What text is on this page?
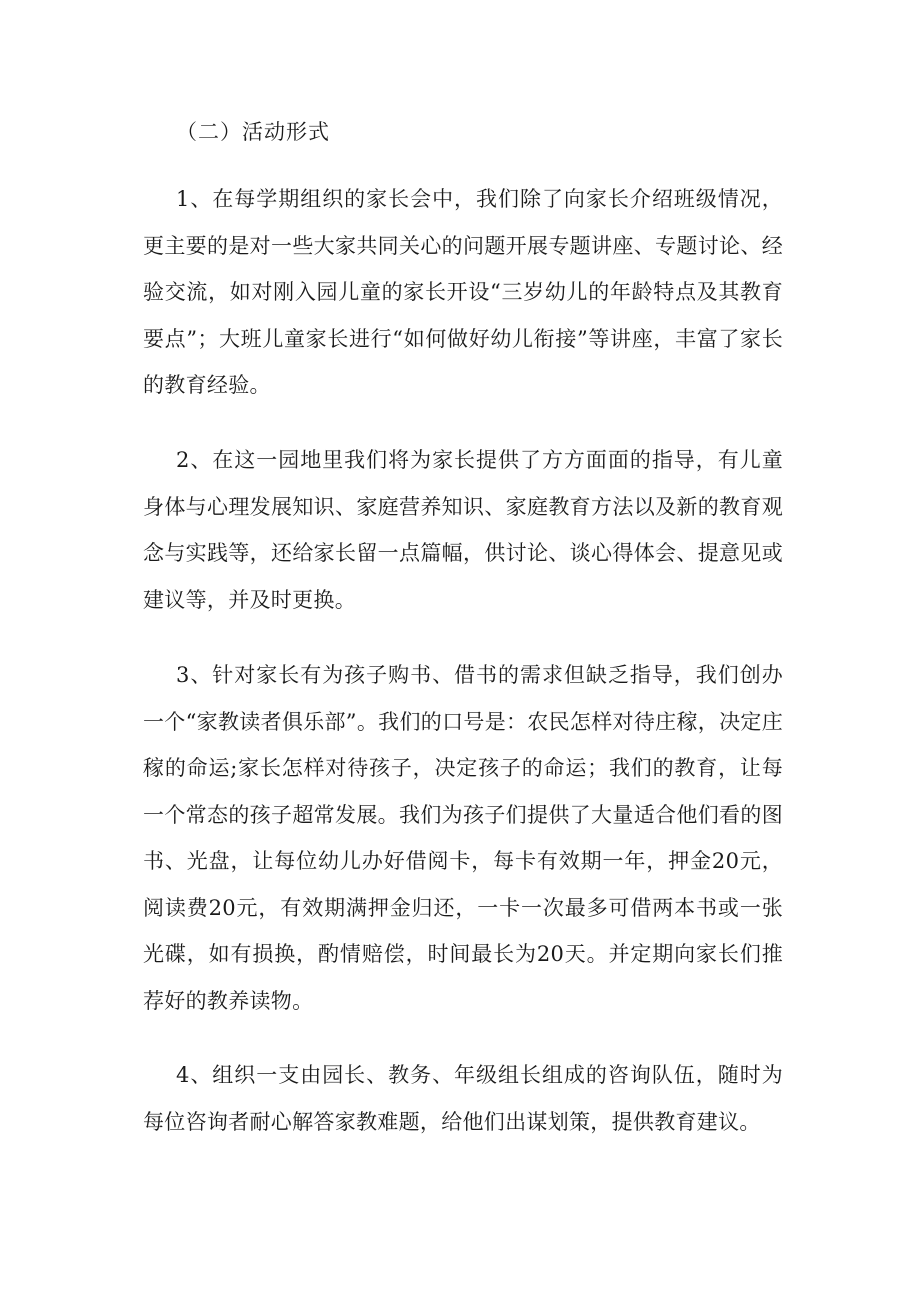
（二）活动形式

1、在每学期组织的家长会中，我们除了向家长介绍班级情况，更主要的是对一些大家共同关心的问题开展专题讲座、专题讨论、经验交流，如对刚入园儿童的家长开设“三岁幼儿的年龄特点及其教育要点”；大班儿童家长进行“如何做好幼儿衔接”等讲座，丰富了家长的教育经验。

2、在这一园地里我们将为家长提供了方方面面的指导，有儿童身体与心理发展知识、家庭营养知识、家庭教育方法以及新的教育观念与实践等，还给家长留一点篇幅，供讨论、谈心得体会、提意见或建议等，并及时更换。

3、针对家长有为孩子购书、借书的需求但缺乏指导，我们创办一个“家教读者俱乐部”。我们的口号是：农民怎样对待庄稼，决定庄稼的命运;家长怎样对待孩子，决定孩子的命运；我们的教育，让每一个常态的孩子超常发展。我们为孩子们提供了大量适合他们看的图书、光盘，让每位幼儿办好借阅卡，每卡有效期一年，押金20元，阅读费20元，有效期满押金归还，一卡一次最多可借两本书或一张光碟，如有损换，酌情赔偿，时间最长为20天。并定期向家长们推荐好的教养读物。

4、组织一支由园长、教务、年级组长组成的咨询队伍，随时为每位咨询者耐心解答家教难题，给他们出谋划策，提供教育建议。
